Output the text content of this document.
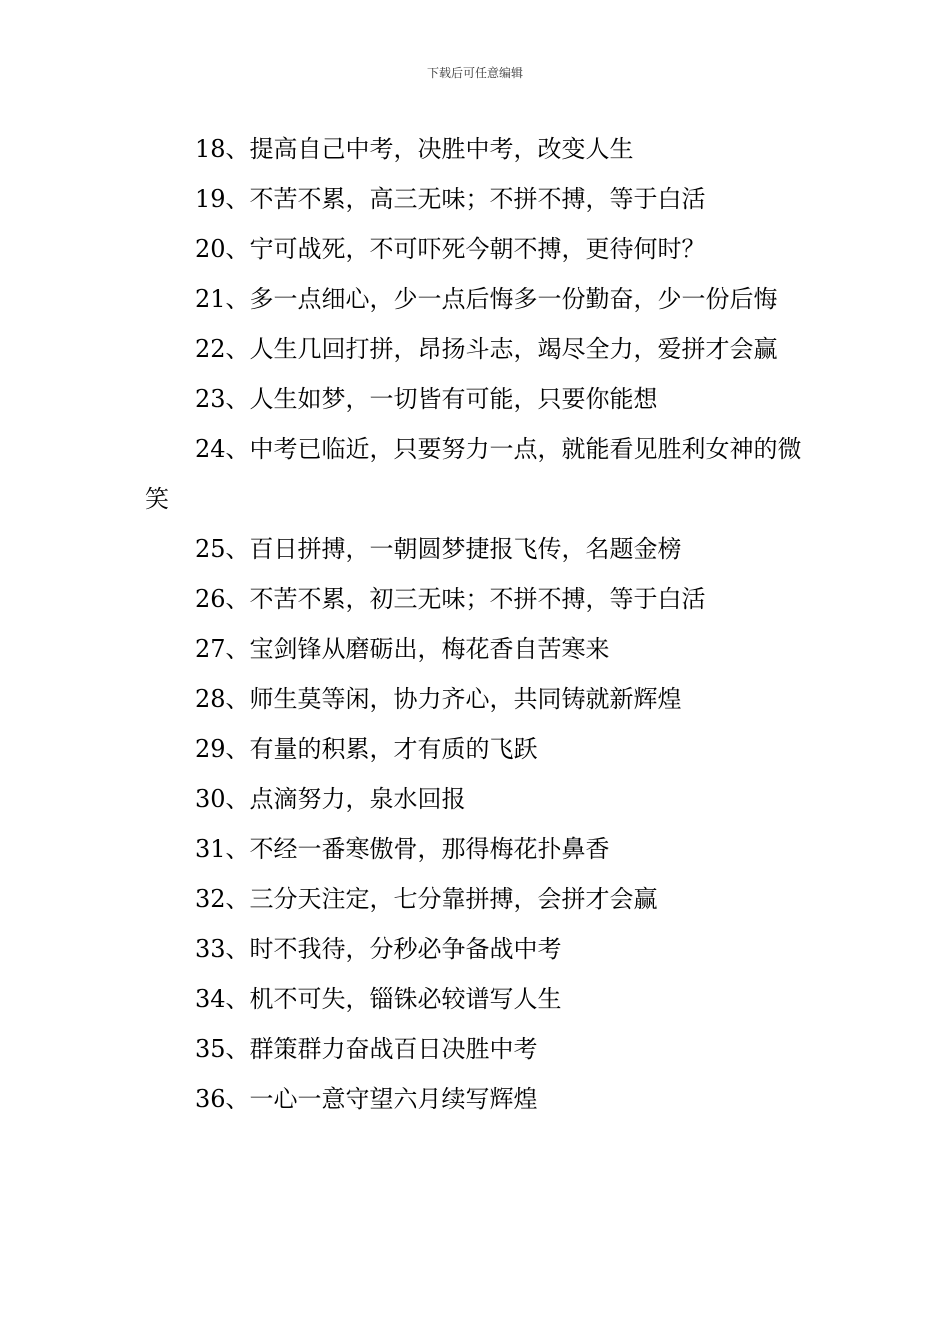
下载后可任意编辑

18、提高自己中考，决胜中考，改变人生

19、不苦不累，高三无味；不拼不搏，等于白活

20、宁可战死，不可吓死今朝不搏，更待何时？

21、多一点细心，少一点后悔多一份勤奋，少一份后悔

22、人生几回打拼，昂扬斗志，竭尽全力，爱拼才会赢

23、人生如梦，一切皆有可能，只要你能想

24、中考已临近，只要努力一点，就能看见胜利女神的微笑

25、百日拼搏，一朝圆梦捷报飞传，名题金榜

26、不苦不累，初三无味；不拼不搏，等于白活

27、宝剑锋从磨砺出，梅花香自苦寒来

28、师生莫等闲，协力齐心，共同铸就新辉煌

29、有量的积累，才有质的飞跃

30、点滴努力，泉水回报

31、不经一番寒傲骨，那得梅花扑鼻香

32、三分天注定，七分靠拼搏，会拼才会赢

33、时不我待，分秒必争备战中考

34、机不可失，锱铢必较谱写人生

35、群策群力奋战百日决胜中考

36、一心一意守望六月续写辉煌
